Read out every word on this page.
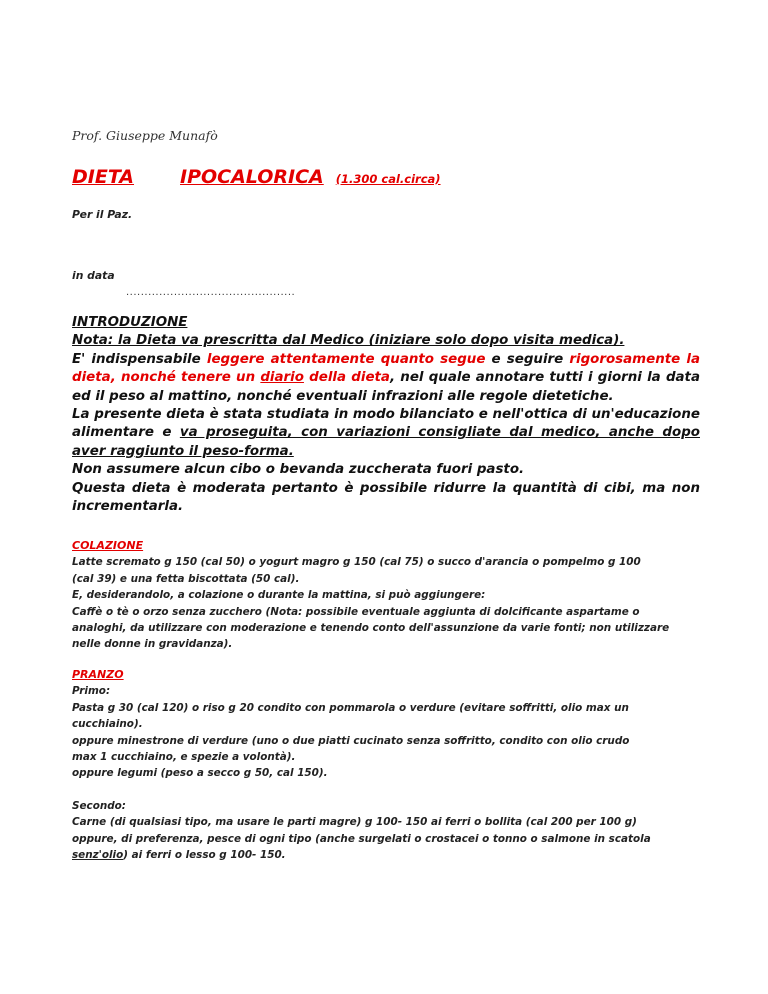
Prof. Giuseppe Munafò
DIETA IPOCALORICA (1.300 cal.circa)
Per il Paz.
in data
..............................................

INTRODUZIONE

Nota: la Dieta va prescritta dal Medico (iniziare solo dopo visita medica).

E' indispensabile leggere attentamente quanto segue e seguire rigorosamente la dieta, nonché tenere un diario della dieta, nel quale annotare tutti i giorni la data ed il peso al mattino, nonché eventuali infrazioni alle regole dietetiche.

La presente dieta è stata studiata in modo bilanciato e nell'ottica di un'educazione alimentare e va proseguita, con variazioni consigliate dal medico, anche dopo aver raggiunto il peso-forma.

Non assumere alcun cibo o bevanda zuccherata fuori pasto.

Questa dieta è moderata pertanto è possibile ridurre la quantità di cibi, ma non incrementarla.

COLAZIONE

Latte scremato g 150 (cal 50) o yogurt magro g 150 (cal 75) o succo d'arancia o pompelmo g 100

(cal 39) e una fetta biscottata (50 cal).

E, desiderandolo, a colazione o durante la mattina, si può aggiungere:

Caffè o tè o orzo senza zucchero (Nota: possibile eventuale aggiunta di dolcificante aspartame o

analoghi, da utilizzare con moderazione e tenendo conto dell'assunzione da varie fonti; non utilizzare

nelle donne in gravidanza).

PRANZO

Primo:

Pasta g 30 (cal 120) o riso g 20 condito con pommarola o verdure (evitare soffritti, olio max un

cucchiaino).

oppure minestrone di verdure (uno o due piatti cucinato senza soffritto, condito con olio crudo

max 1 cucchiaino, e spezie a volontà).

oppure legumi (peso a secco g 50, cal 150).

Secondo:

Carne (di qualsiasi tipo, ma usare le parti magre) g 100- 150 ai ferri o bollita (cal 200 per 100 g)

oppure, di preferenza, pesce di ogni tipo (anche surgelati o crostacei o tonno o salmone in scatola

senz'olio) ai ferri o lesso g 100- 150.
